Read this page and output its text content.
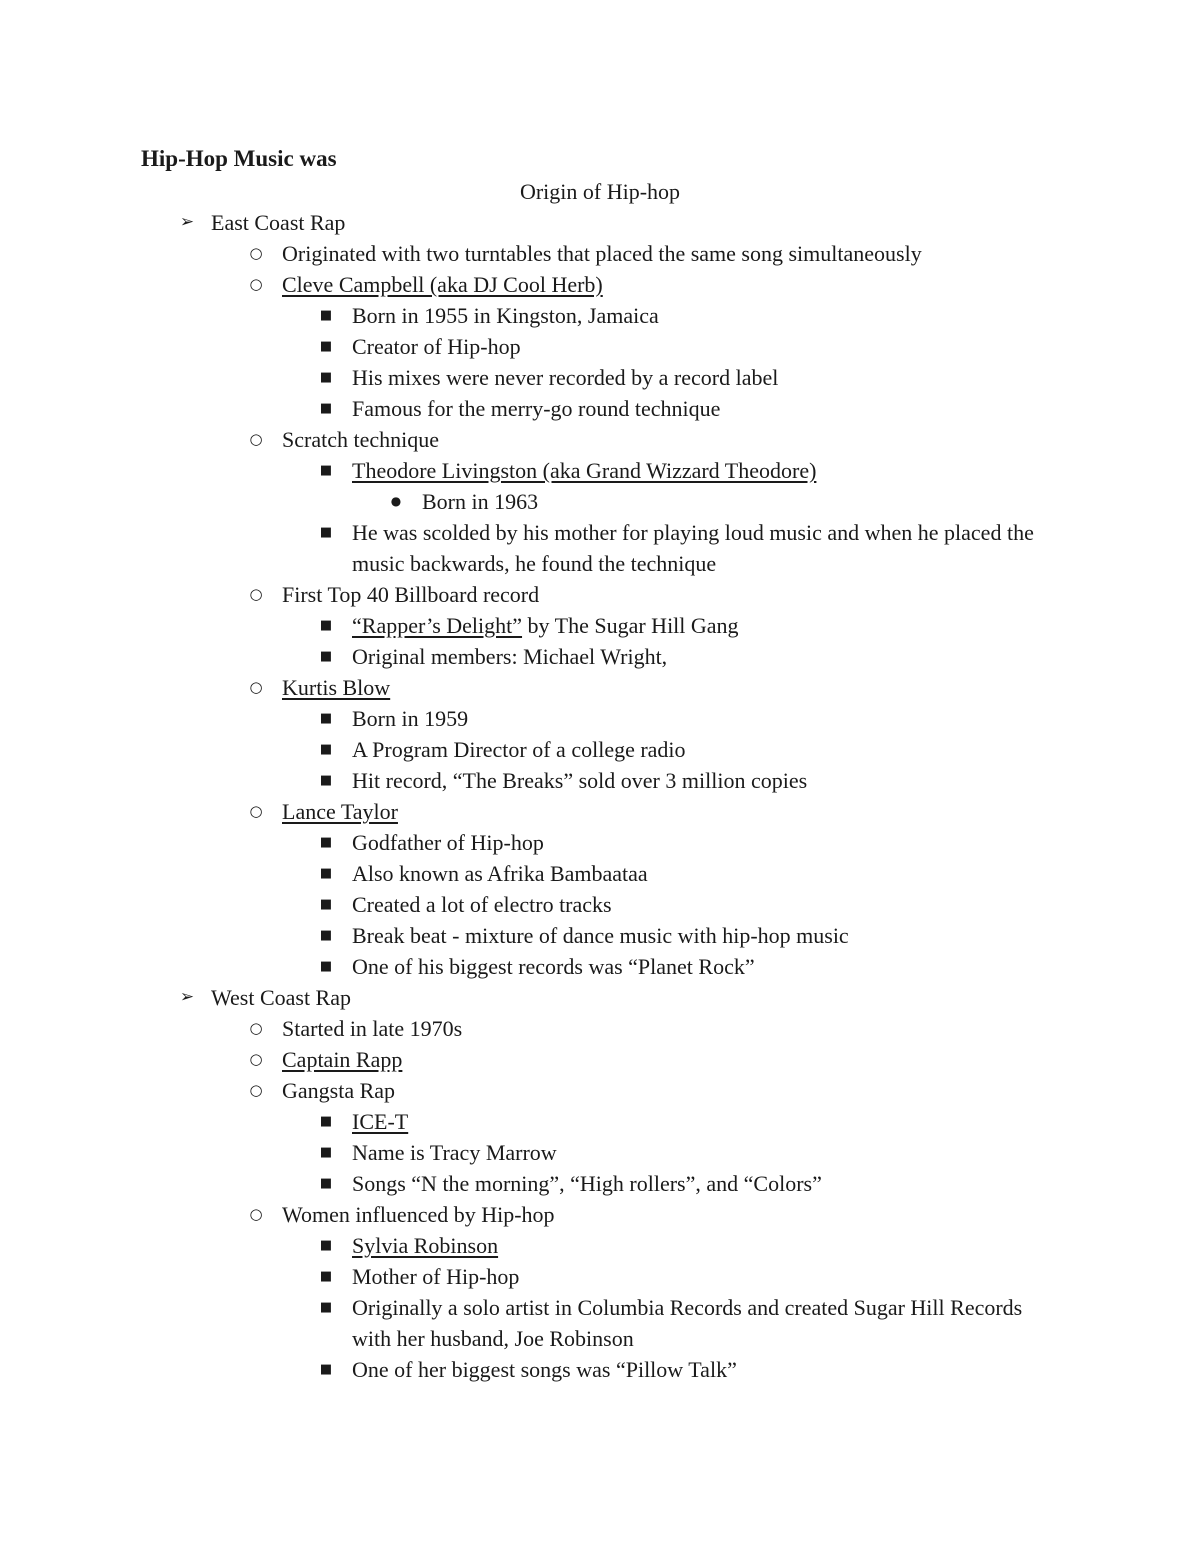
Hip-Hop Music was

Origin of Hip-hop

➢ East Coast Rap
○ Originated with two turntables that placed the same song simultaneously
○ Cleve Campbell (aka DJ Cool Herb)
■ Born in 1955 in Kingston, Jamaica
■ Creator of Hip-hop
■ His mixes were never recorded by a record label
■ Famous for the merry-go round technique
○ Scratch technique
■ Theodore Livingston (aka Grand Wizzard Theodore)
● Born in 1963
■ He was scolded by his mother for playing loud music and when he placed the music backwards, he found the technique
○ First Top 40 Billboard record
■ “Rapper’s Delight” by The Sugar Hill Gang
■ Original members: Michael Wright,
○ Kurtis Blow
■ Born in 1959
■ A Program Director of a college radio
■ Hit record, “The Breaks” sold over 3 million copies
○ Lance Taylor
■ Godfather of Hip-hop
■ Also known as Afrika Bambaataa
■ Created a lot of electro tracks
■ Break beat - mixture of dance music with hip-hop music
■ One of his biggest records was “Planet Rock”
➢ West Coast Rap
○ Started in late 1970s
○ Captain Rapp
○ Gangsta Rap
■ ICE-T
■ Name is Tracy Marrow
■ Songs “N the morning”, “High rollers”, and “Colors”
○ Women influenced by Hip-hop
■ Sylvia Robinson
■ Mother of Hip-hop
■ Originally a solo artist in Columbia Records and created Sugar Hill Records with her husband, Joe Robinson
■ One of her biggest songs was “Pillow Talk”
